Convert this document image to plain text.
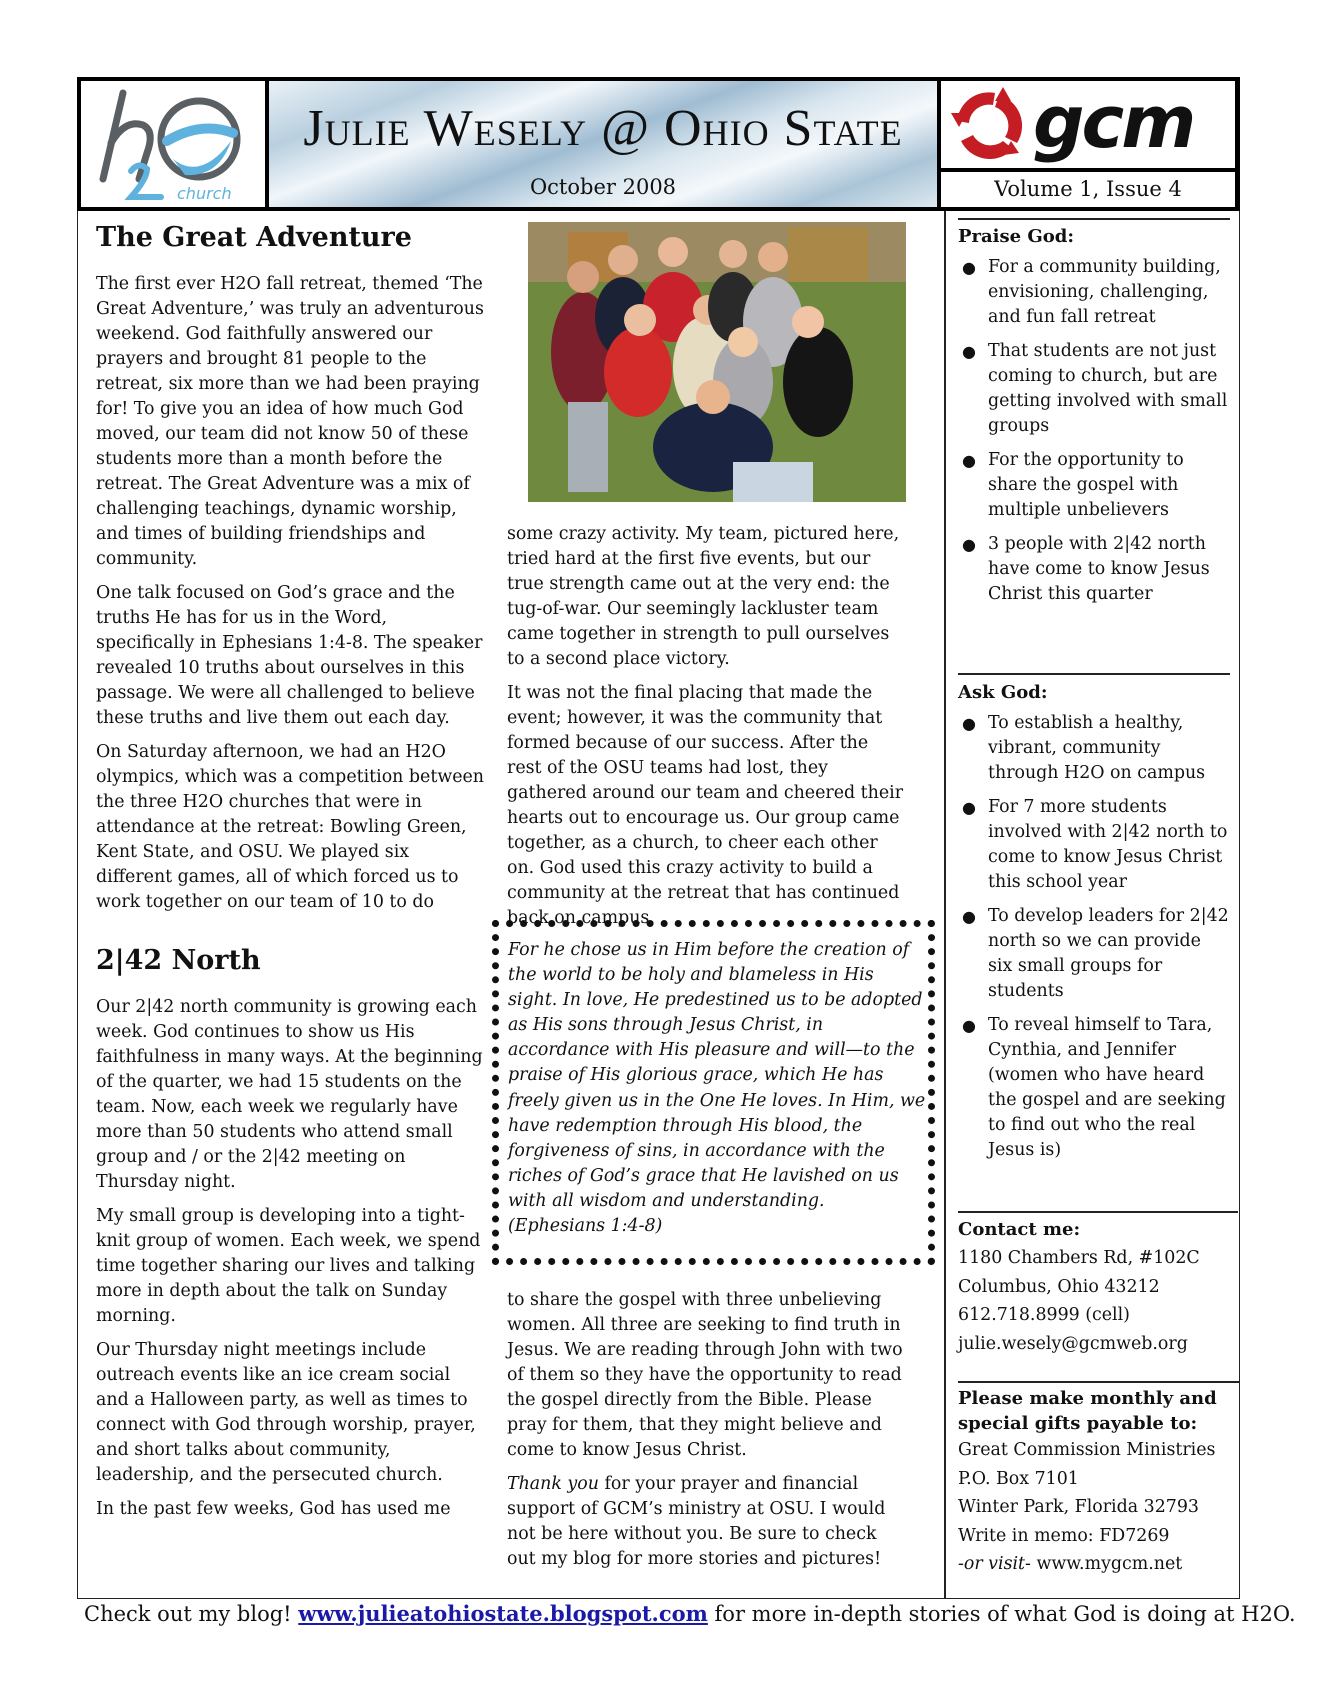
church
Julie Wesely @ Ohio State
October 2008
gcm
Volume 1, Issue 4
The Great Adventure

The first ever H2O fall retreat, themed ‘The Great Adventure,’ was truly an adventurous weekend. God faithfully answered our prayers and brought 81 people to the retreat, six more than we had been praying for! To give you an idea of how much God moved, our team did not know 50 of these students more than a month before the retreat. The Great Adventure was a mix of challenging teachings, dynamic worship, and times of building friendships and community.

One talk focused on God’s grace and the truths He has for us in the Word, specifically in Ephesians 1:4-8. The speaker revealed 10 truths about ourselves in this passage. We were all challenged to believe these truths and live them out each day.

On Saturday afternoon, we had an H2O olympics, which was a competition between the three H2O churches that were in attendance at the retreat: Bowling Green, Kent State, and OSU. We played six different games, all of which forced us to work together on our team of 10 to do

2|42 North

Our 2|42 north community is growing each week. God continues to show us His faithfulness in many ways. At the beginning of the quarter, we had 15 students on the team. Now, each week we regularly have more than 50 students who attend small group and / or the 2|42 meeting on Thursday night.

My small group is developing into a tight-knit group of women. Each week, we spend time together sharing our lives and talking more in depth about the talk on Sunday morning.

Our Thursday night meetings include outreach events like an ice cream social and a Halloween party, as well as times to connect with God through worship, prayer, and short talks about community, leadership, and the persecuted church.

In the past few weeks, God has used me

some crazy activity. My team, pictured here, tried hard at the first five events, but our true strength came out at the very end: the tug-of-war. Our seemingly lackluster team came together in strength to pull ourselves to a second place victory.

It was not the final placing that made the event; however, it was the community that formed because of our success. After the rest of the OSU teams had lost, they gathered around our team and cheered their hearts out to encourage us. Our group came together, as a church, to cheer each other on. God used this crazy activity to build a community at the retreat that has continued back on campus.

For he chose us in Him before the creation of the world to be holy and blameless in His sight. In love, He predestined us to be adopted as His sons through Jesus Christ, in accordance with His pleasure and will—to the praise of His glorious grace, which He has freely given us in the One He loves. In Him, we have redemption through His blood, the forgiveness of sins, in accordance with the riches of God’s grace that He lavished on us with all wisdom and understanding.
(Ephesians 1:4-8)

to share the gospel with three unbelieving women. All three are seeking to find truth in Jesus. We are reading through John with two of them so they have the opportunity to read the gospel directly from the Bible. Please pray for them, that they might believe and come to know Jesus Christ.

Thank you for your prayer and financial support of GCM’s ministry at OSU. I would not be here without you. Be sure to check out my blog for more stories and pictures!

Praise God:
● For a community building, envisioning, challenging, and fun fall retreat
● That students are not just coming to church, but are getting involved with small groups
● For the opportunity to share the gospel with multiple unbelievers
● 3 people with 2|42 north have come to know Jesus Christ this quarter
Ask God:
● To establish a healthy, vibrant, community through H2O on campus
● For 7 more students involved with 2|42 north to come to know Jesus Christ this school year
● To develop leaders for 2|42 north so we can provide six small groups for students
● To reveal himself to Tara, Cynthia, and Jennifer (women who have heard the gospel and are seeking to find out who the real Jesus is)
Contact me:
1180 Chambers Rd, #102C
Columbus, Ohio 43212
612.718.8999 (cell)
julie.wesely@gcmweb.org
Please make monthly and special gifts payable to:
Great Commission Ministries
P.O. Box 7101
Winter Park, Florida 32793
Write in memo: FD7269
-or visit- www.mygcm.net
Check out my blog! www.julieatohiostate.blogspot.com for more in-depth stories of what God is doing at H2O.
